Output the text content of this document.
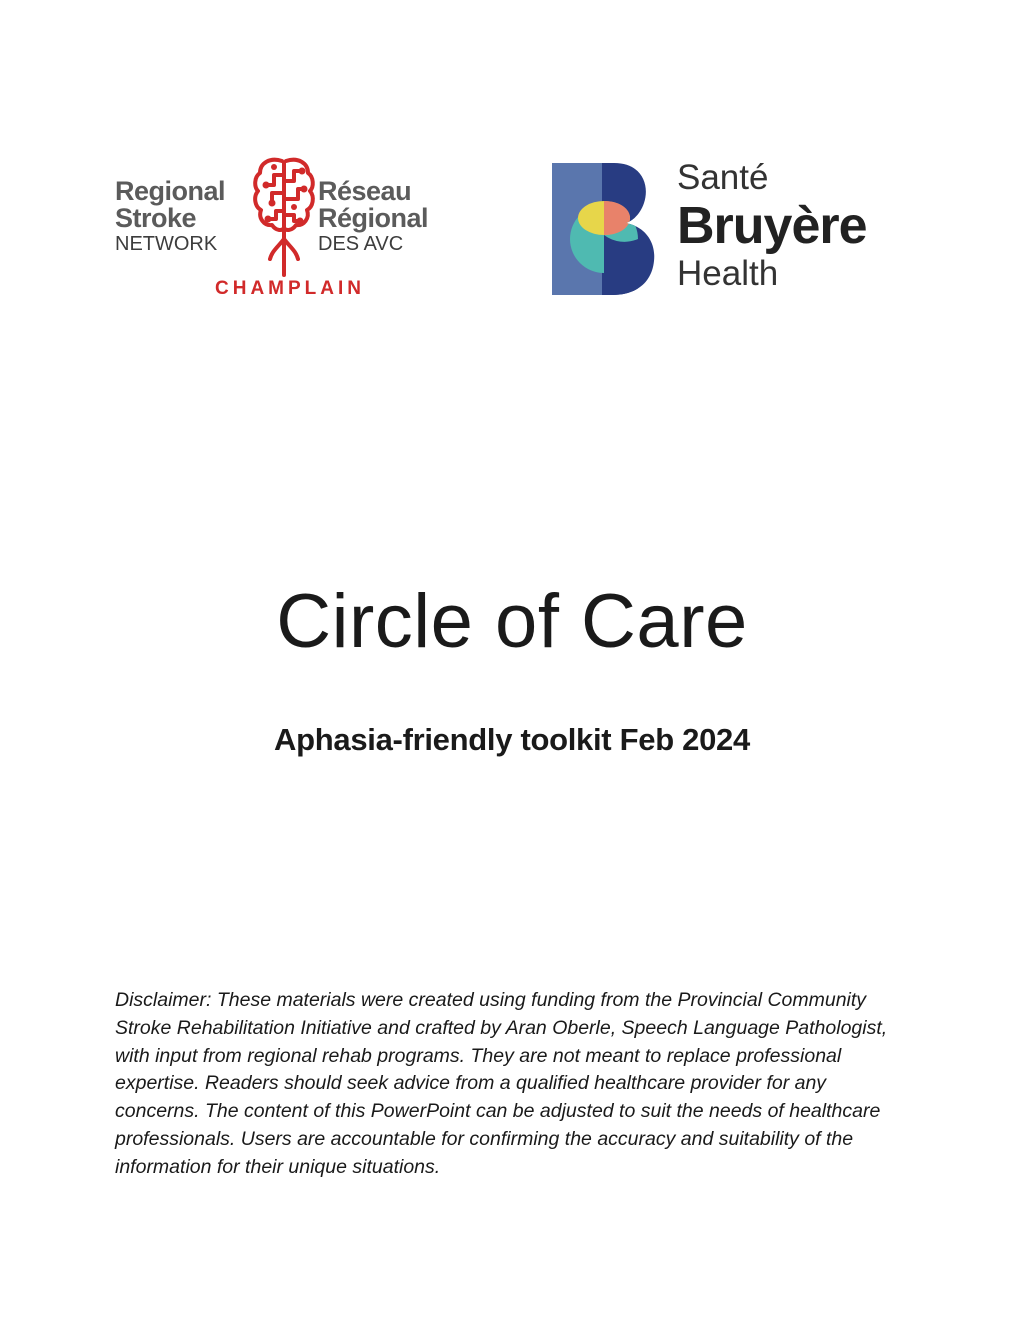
Regional
Stroke
NETWORK
Réseau
Régional
DES AVC
CHAMPLAIN
Santé
Bruyère
Health
Circle of Care
Aphasia-friendly toolkit Feb 2024

Disclaimer: These materials were created using funding from the Provincial Community Stroke Rehabilitation Initiative and crafted by Aran Oberle, Speech Language Pathologist, with input from regional rehab programs. They are not meant to replace professional expertise. Readers should seek advice from a qualified healthcare provider for any concerns. The content of this PowerPoint can be adjusted to suit the needs of healthcare professionals. Users are accountable for confirming the accuracy and suitability of the information for their unique situations.
